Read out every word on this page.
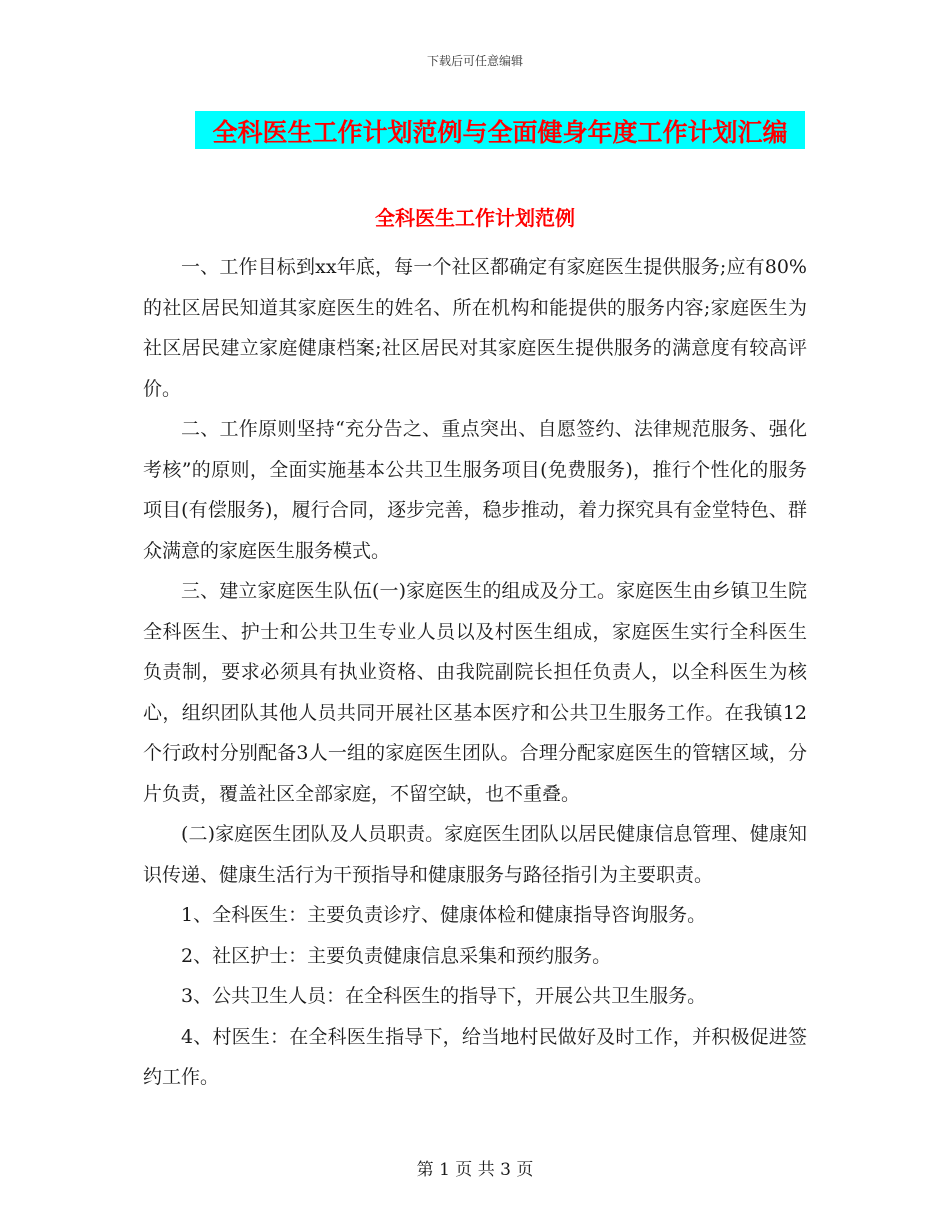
下载后可任意编辑
全科医生工作计划范例与全面健身年度工作计划汇编
全科医生工作计划范例

一、工作目标到xx年底，每一个社区都确定有家庭医生提供服务;应有80%的社区居民知道其家庭医生的姓名、所在机构和能提供的服务内容;家庭医生为社区居民建立家庭健康档案;社区居民对其家庭医生提供服务的满意度有较高评价。

二、工作原则坚持“充分告之、重点突出、自愿签约、法律规范服务、强化考核”的原则，全面实施基本公共卫生服务项目(免费服务)，推行个性化的服务项目(有偿服务)，履行合同，逐步完善，稳步推动，着力探究具有金堂特色、群众满意的家庭医生服务模式。

三、建立家庭医生队伍(一)家庭医生的组成及分工。家庭医生由乡镇卫生院全科医生、护士和公共卫生专业人员以及村医生组成，家庭医生实行全科医生负责制，要求必须具有执业资格、由我院副院长担任负责人，以全科医生为核心，组织团队其他人员共同开展社区基本医疗和公共卫生服务工作。在我镇12个行政村分别配备3人一组的家庭医生团队。合理分配家庭医生的管辖区域，分片负责，覆盖社区全部家庭，不留空缺，也不重叠。

(二)家庭医生团队及人员职责。家庭医生团队以居民健康信息管理、健康知识传递、健康生活行为干预指导和健康服务与路径指引为主要职责。

1、全科医生：主要负责诊疗、健康体检和健康指导咨询服务。

2、社区护士：主要负责健康信息采集和预约服务。

3、公共卫生人员：在全科医生的指导下，开展公共卫生服务。

4、村医生：在全科医生指导下，给当地村民做好及时工作，并积极促进签约工作。

第 1 页 共 3 页
